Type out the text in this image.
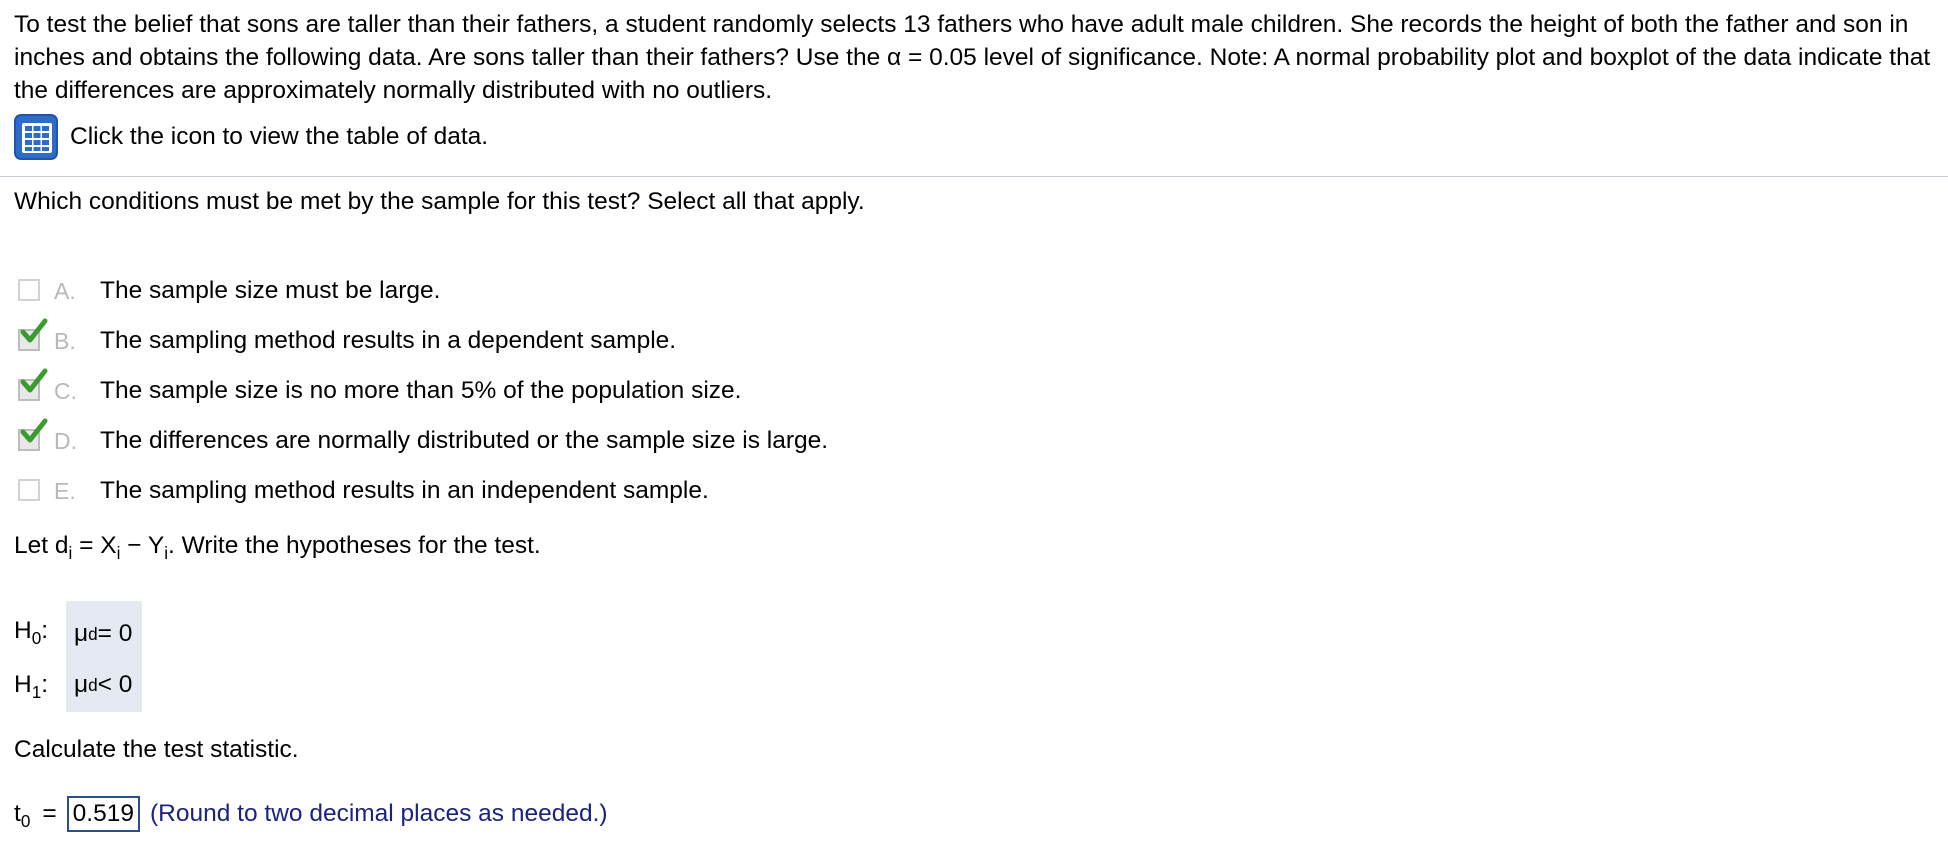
To test the belief that sons are taller than their fathers, a student randomly selects 13 fathers who have adult male children. She records the height of both the father and son in inches and obtains the following data. Are sons taller than their fathers? Use the α = 0.05 level of significance. Note: A normal probability plot and boxplot of the data indicate that the differences are approximately normally distributed with no outliers.
Click the icon to view the table of data.
Which conditions must be met by the sample for this test? Select all that apply.
A. The sample size must be large.
B. The sampling method results in a dependent sample.
C. The sample size is no more than 5% of the population size.
D. The differences are normally distributed or the sample size is large.
E. The sampling method results in an independent sample.
Let $d_i = X_i - Y_i$. Write the hypotheses for the test.
$H_0$:	μ d = 0
$H_1$:	μ d < 0
Calculate the test statistic.
$t_0 = 0.519$ (Round to two decimal places as needed.)
